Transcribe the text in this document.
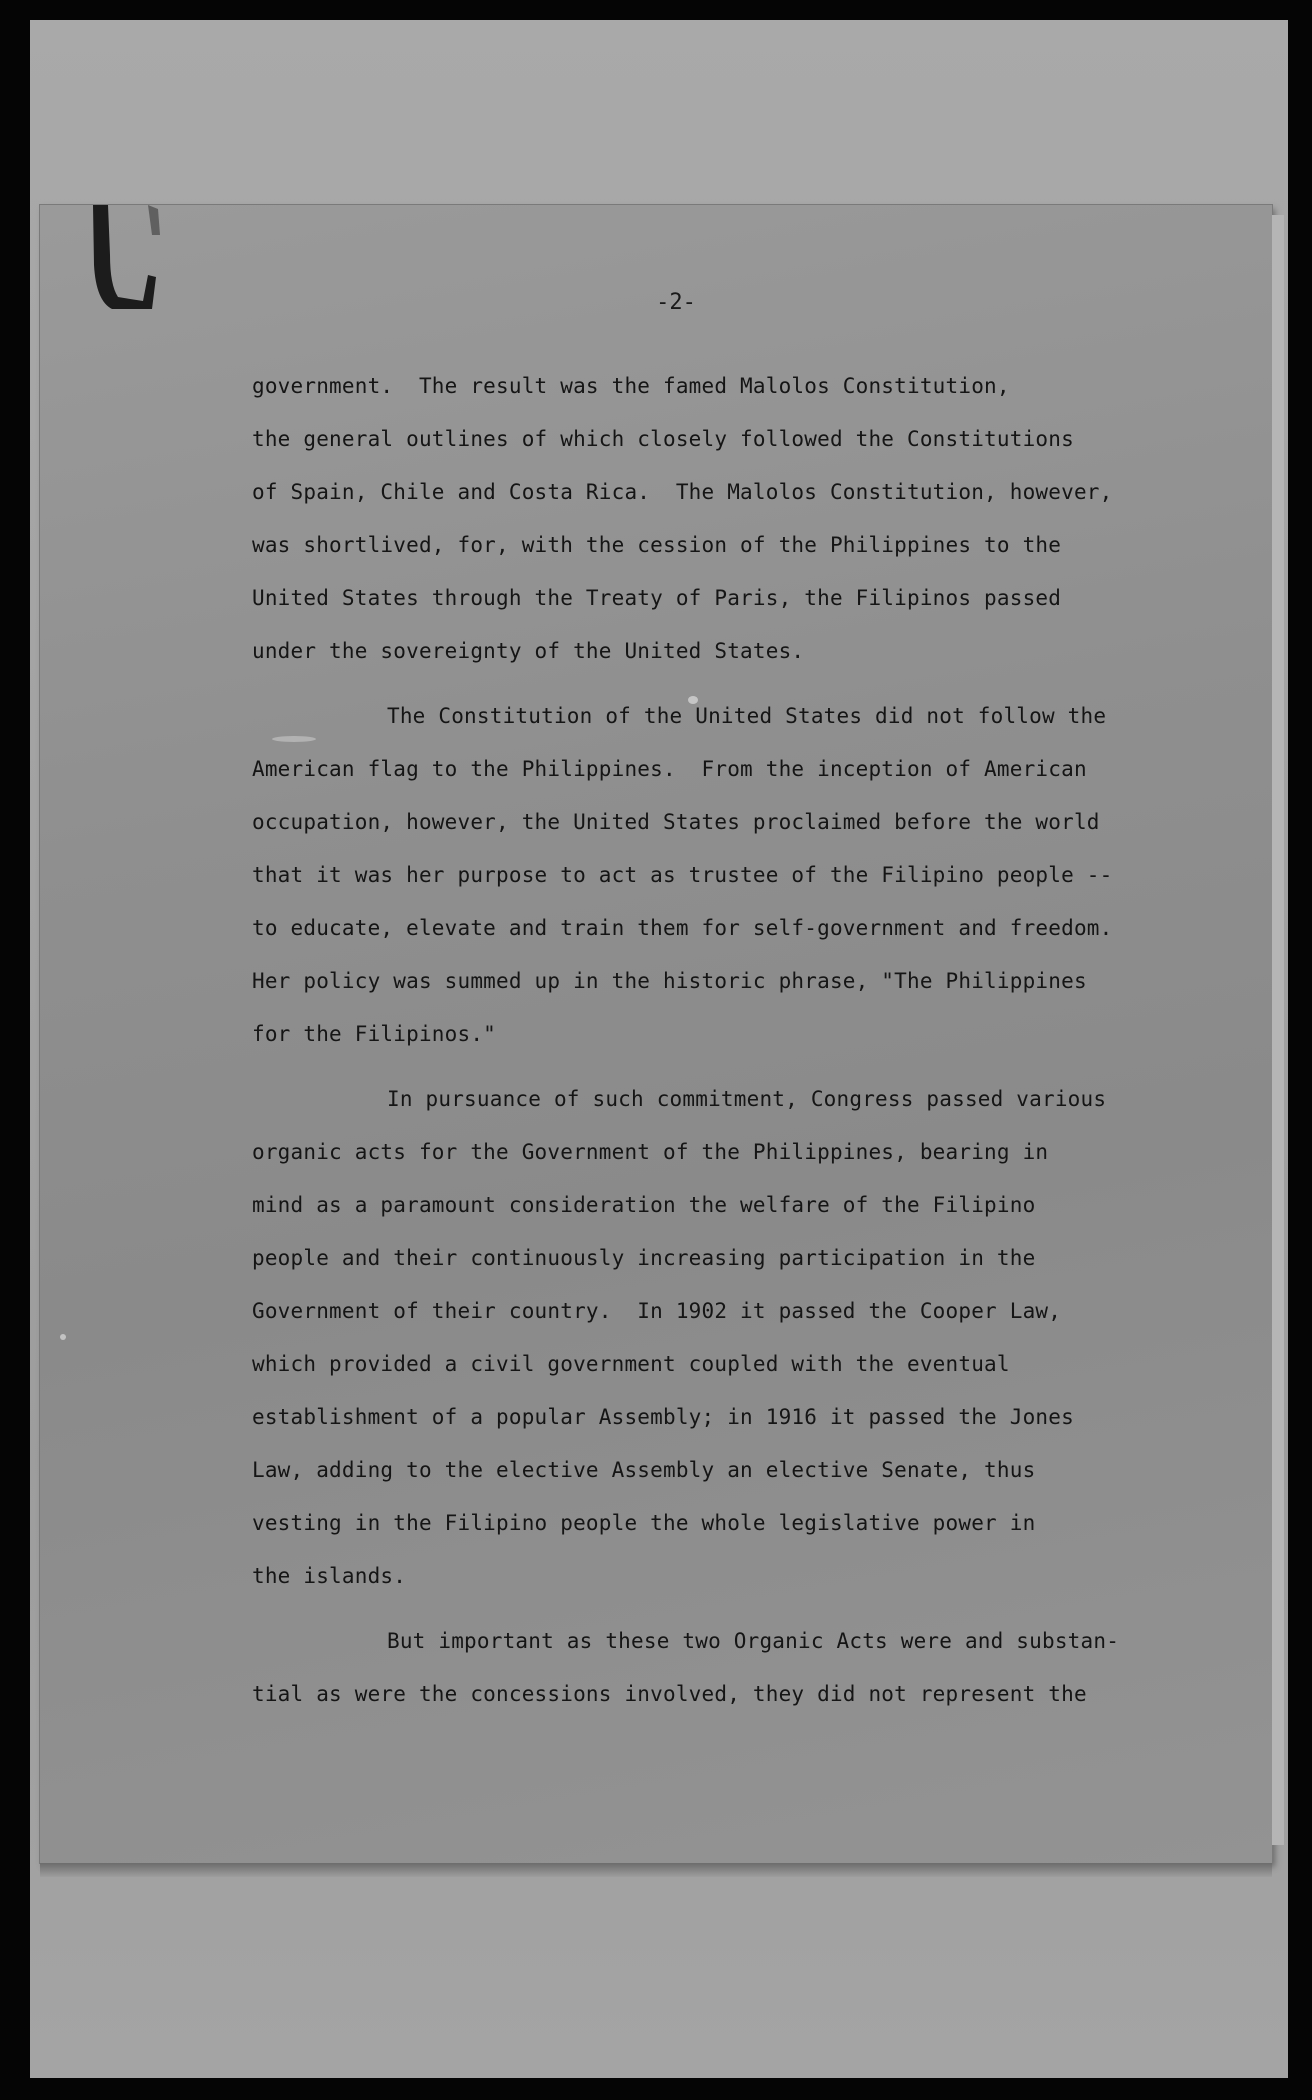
-2-
government.  The result was the famed Malolos Constitution,
the general outlines of which closely followed the Constitutions
of Spain, Chile and Costa Rica.  The Malolos Constitution, however,
was shortlived, for, with the cession of the Philippines to the
United States through the Treaty of Paris, the Filipinos passed
under the sovereignty of the United States.
The Constitution of the United States did not follow the
American flag to the Philippines.  From the inception of American
occupation, however, the United States proclaimed before the world
that it was her purpose to act as trustee of the Filipino people --
to educate, elevate and train them for self-government and freedom.
Her policy was summed up in the historic phrase, "The Philippines
for the Filipinos."
In pursuance of such commitment, Congress passed various
organic acts for the Government of the Philippines, bearing in
mind as a paramount consideration the welfare of the Filipino
people and their continuously increasing participation in the
Government of their country.  In 1902 it passed the Cooper Law,
which provided a civil government coupled with the eventual
establishment of a popular Assembly; in 1916 it passed the Jones
Law, adding to the elective Assembly an elective Senate, thus
vesting in the Filipino people the whole legislative power in
the islands.
But important as these two Organic Acts were and substan-
tial as were the concessions involved, they did not represent the
